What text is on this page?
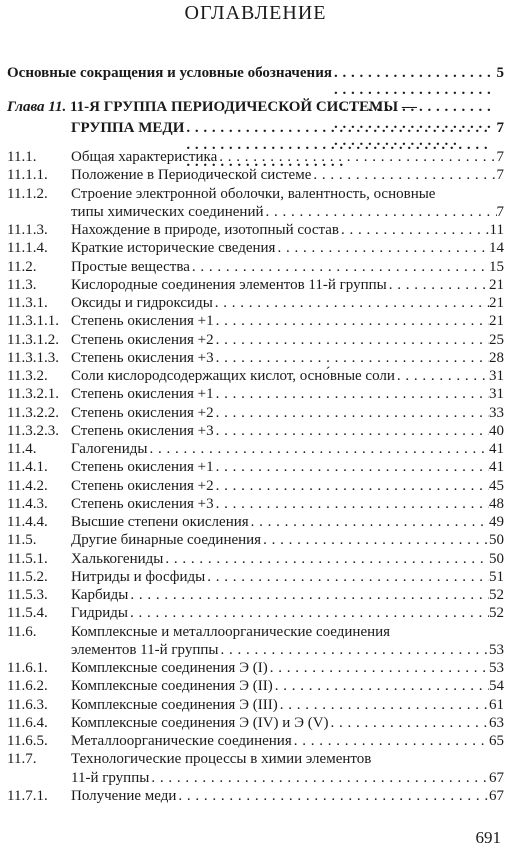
ОГЛАВЛЕНИЕ
Основные сокращения и условные обозначения . . .	5
Глава 11. 11-Я ГРУППА ПЕРИОДИЧЕСКОЙ СИСТЕМЫ —
ГРУППА МЕДИ . . .	7
11.1.	Общая характеристика . . .	7
11.1.1.	Положение в Периодической системе . . .	7
11.1.2.	Строение электронной оболочки, валентность, основные
типы химических соединений . . .	7
11.1.3.	Нахождение в природе, изотопный состав . . .	11
11.1.4.	Краткие исторические сведения . . .	14
11.2.	Простые вещества . . .	15
11.3.	Кислородные соединения элементов 11-й группы . . .	21
11.3.1.	Оксиды и гидроксиды . . .	21
11.3.1.1. Степень окисления +1 . . .	21
11.3.1.2. Степень окисления +2 . . .	25
11.3.1.3. Степень окисления +3 . . .	28
11.3.2.	Соли кислородсодержащих кислот, осно́вные соли . . .	31
11.3.2.1. Степень окисления +1 . . .	31
11.3.2.2. Степень окисления +2 . . .	33
11.3.2.3. Степень окисления +3 . . .	40
11.4.	Галогениды . . .	41
11.4.1.	Степень окисления +1 . . .	41
11.4.2.	Степень окисления +2 . . .	45
11.4.3.	Степень окисления +3 . . .	48
11.4.4.	Высшие степени окисления . . .	49
11.5.	Другие бинарные соединения . . .	50
11.5.1.	Халькогениды . . .	50
11.5.2.	Нитриды и фосфиды . . .	51
11.5.3.	Карбиды . . .	52
11.5.4.	Гидриды . . .	52
11.6.	Комплексные и металлоорганические соединения
элементов 11-й группы . . .	53
11.6.1.	Комплексные соединения Э (I) . . .	53
11.6.2.	Комплексные соединения Э (II) . . .	54
11.6.3.	Комплексные соединения Э (III) . . .	61
11.6.4.	Комплексные соединения Э (IV) и Э (V) . . .	63
11.6.5.	Металлоорганические соединения . . .	65
11.7.	Технологические процессы в химии элементов
11-й группы . . .	67
11.7.1.	Получение меди . . .	67
691
